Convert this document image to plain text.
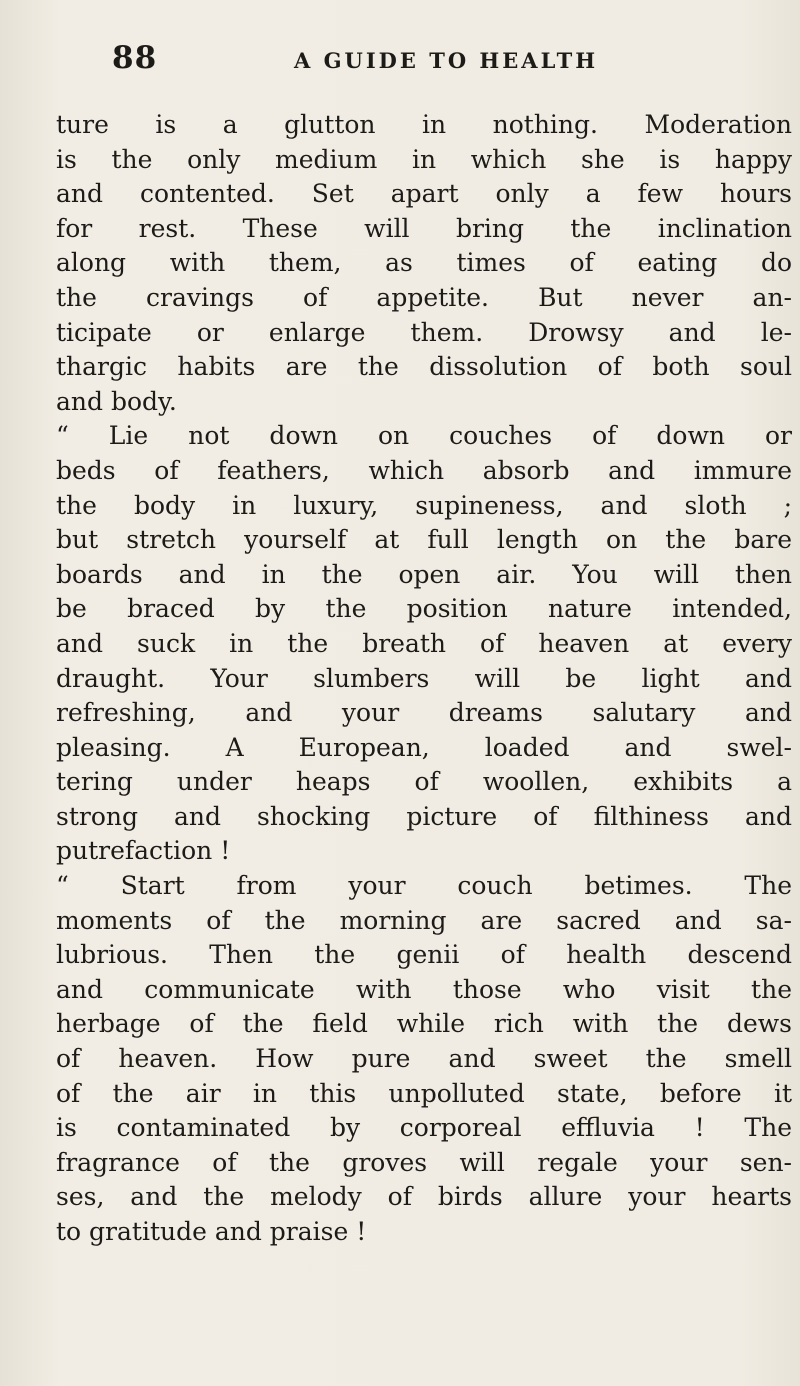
88	A GUIDE TO HEALTH
ture is a glutton in nothing. Moderation
is the only medium in which she is happy
and contented. Set apart only a few hours
for rest. These will bring the inclination
along with them, as times of eating do
the cravings of appetite. But never an-
ticipate or enlarge them. Drowsy and le-
thargic habits are the dissolution of both soul
and body.
“ Lie not down on couches of down or
beds of feathers, which absorb and immure
the body in luxury, supineness, and sloth ;
but stretch yourself at full length on the bare
boards and in the open air. You will then
be braced by the position nature intended,
and suck in the breath of heaven at every
draught. Your slumbers will be light and
refreshing, and your dreams salutary and
pleasing. A European, loaded and swel-
tering under heaps of woollen, exhibits a
strong and shocking picture of filthiness and
putrefaction !
“ Start from your couch betimes. The
moments of the morning are sacred and sa-
lubrious. Then the genii of health descend
and communicate with those who visit the
herbage of the field while rich with the dews
of heaven. How pure and sweet the smell
of the air in this unpolluted state, before it
is contaminated by corporeal effluvia ! The
fragrance of the groves will regale your sen-
ses, and the melody of birds allure your hearts
to gratitude and praise !
